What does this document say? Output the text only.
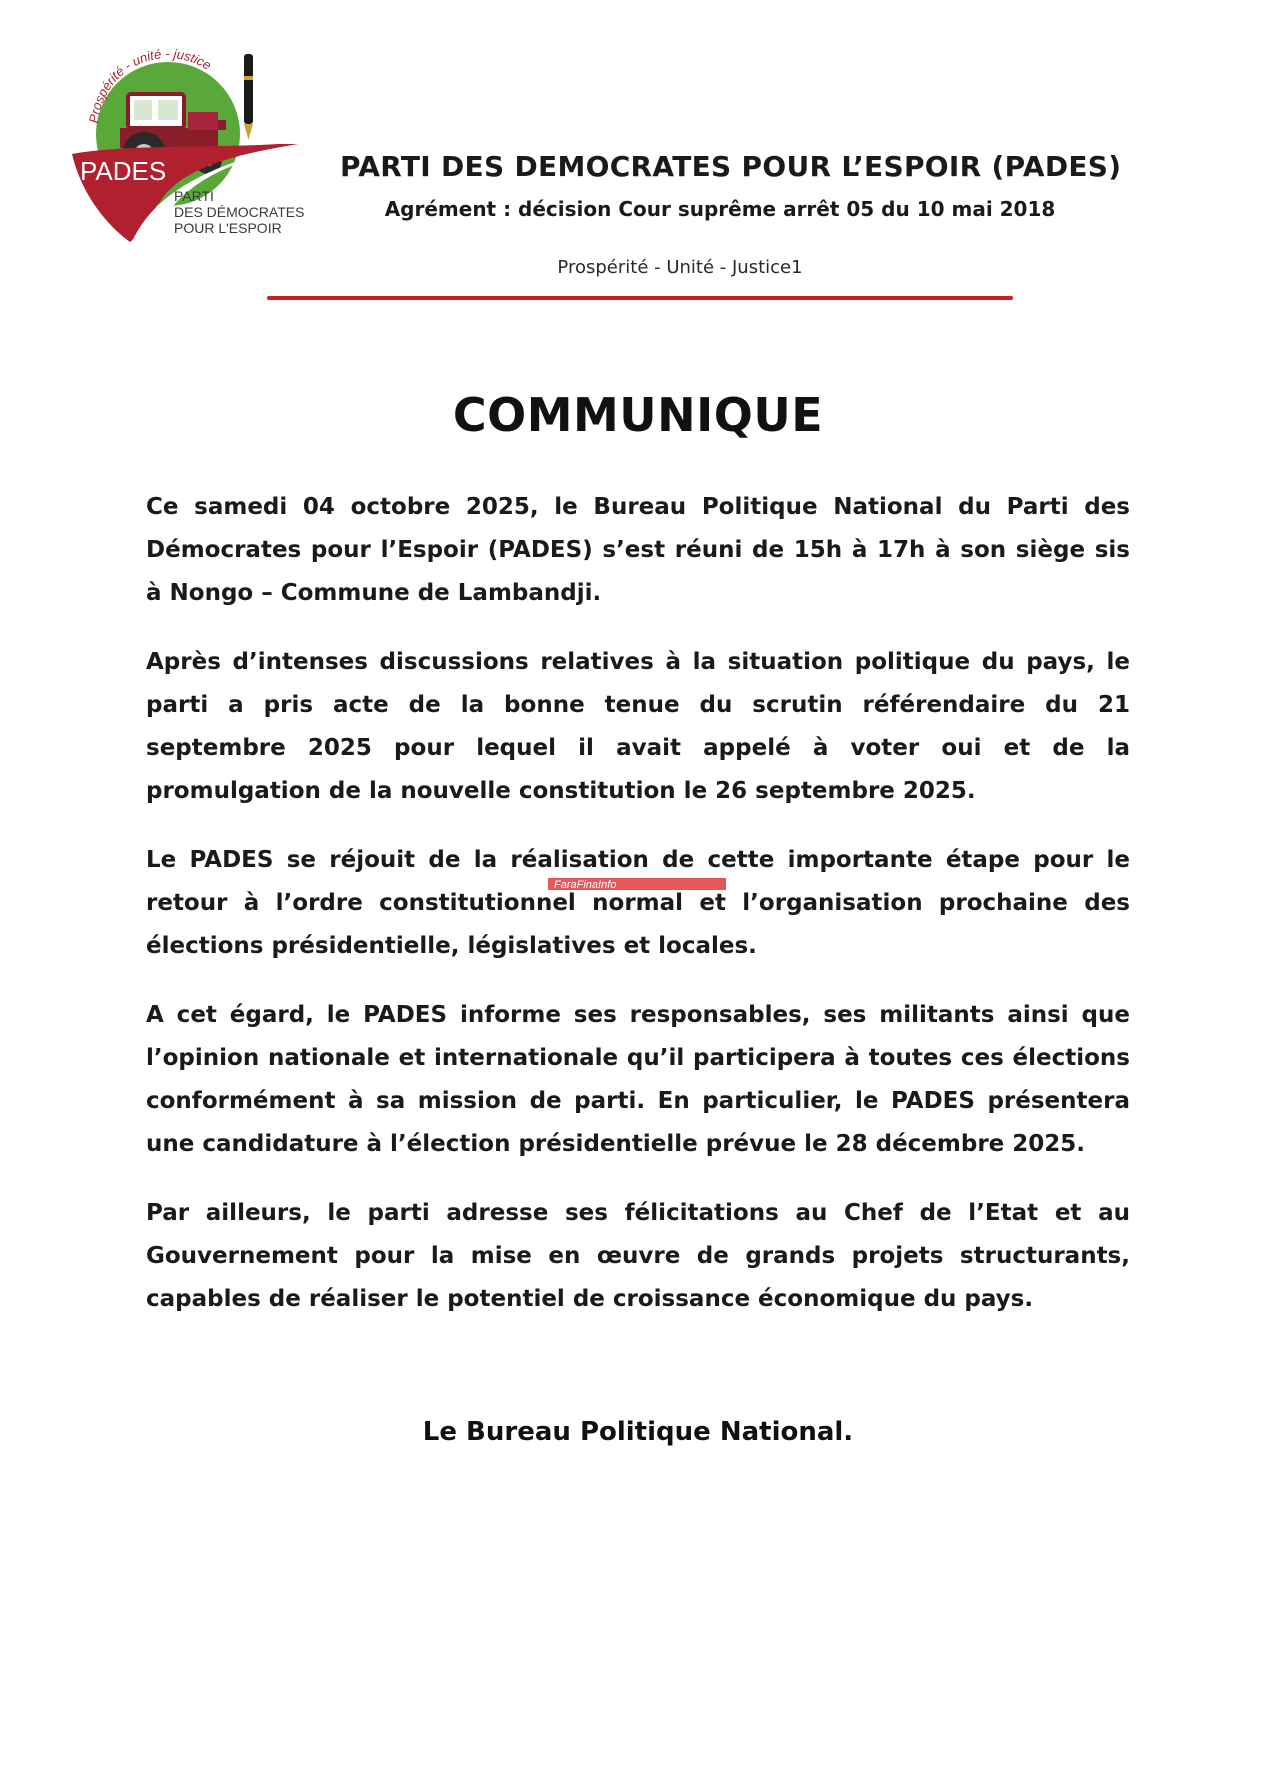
Prospérité - unité - justice
PADES
PARTI DES DÉMOCRATES POUR L'ESPOIR
PARTI DES DEMOCRATES POUR L’ESPOIR (PADES)
Agrément : décision Cour suprême arrêt 05 du 10 mai 2018
Prospérité - Unité - Justice1
COMMUNIQUE

Ce samedi 04 octobre 2025, le Bureau Politique National du Parti des Démocrates pour l’Espoir (PADES) s’est réuni de 15h à 17h à son siège sis à Nongo – Commune de Lambandji.

Après d’intenses discussions relatives à la situation politique du pays, le parti a pris acte de la bonne tenue du scrutin référendaire du 21 septembre 2025 pour lequel il avait appelé à voter oui et de la promulgation de la nouvelle constitution le 26 septembre 2025.

Le PADES se réjouit de la réalisation de cette importante étape pour le retour à l’ordre constitutionnel normal et l’organisation prochaine des élections présidentielle, législatives et locales.

A cet égard, le PADES informe ses responsables, ses militants ainsi que l’opinion nationale et internationale qu’il participera à toutes ces élections conformément à sa mission de parti. En particulier, le PADES présentera une candidature à l’élection présidentielle prévue le 28 décembre 2025.

Par ailleurs, le parti adresse ses félicitations au Chef de l’Etat et au Gouvernement pour la mise en œuvre de grands projets structurants, capables de réaliser le potentiel de croissance économique du pays.

FaraFinaInfo
Le Bureau Politique National.
